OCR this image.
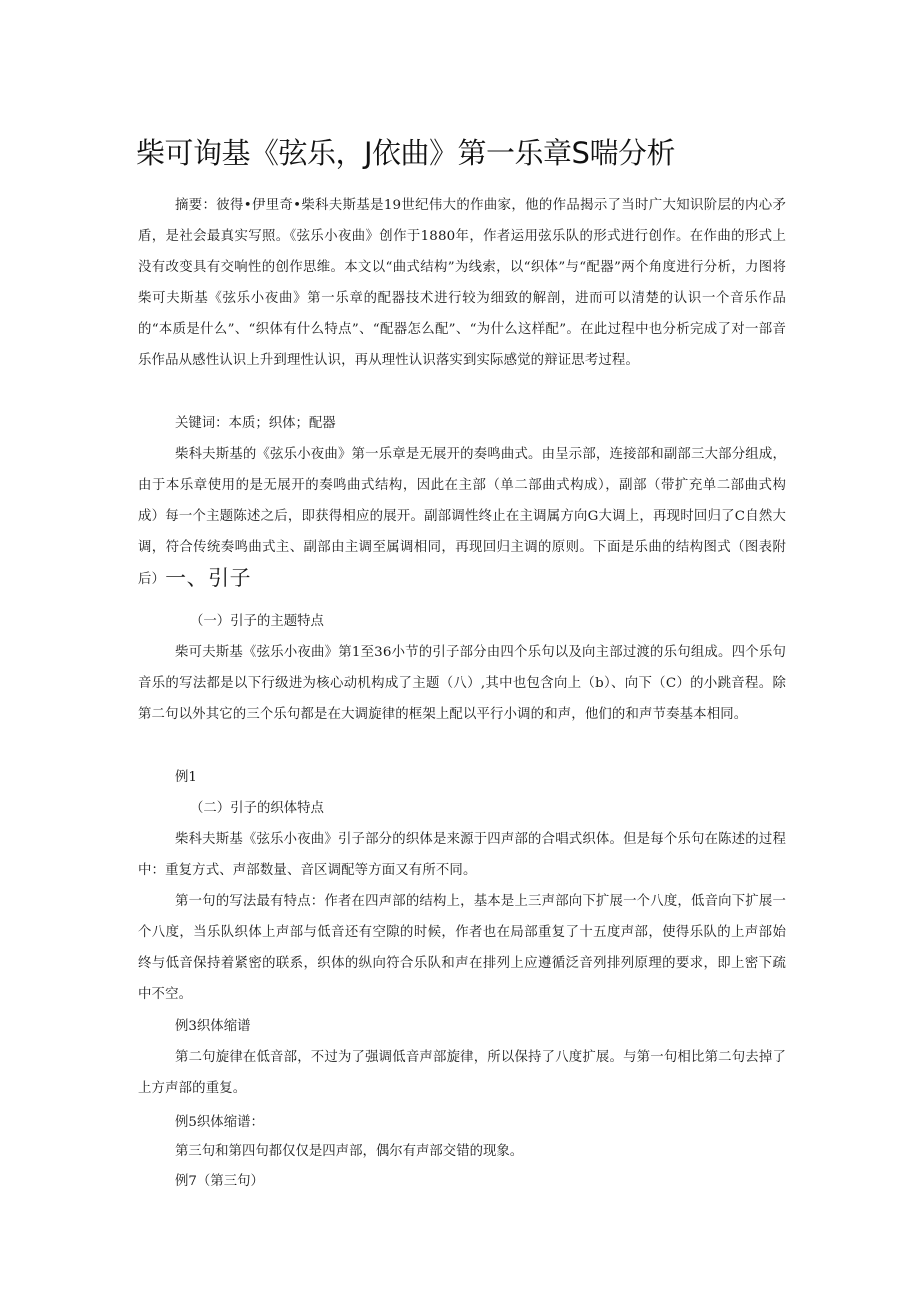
柴可询基《弦乐，J依曲》第一乐章S喘分析

摘要：彼得•伊里奇•柴科夫斯基是19世纪伟大的作曲家，他的作品揭示了当时广大知识阶层的内心矛盾，是社会最真实写照。《弦乐小夜曲》创作于1880年，作者运用弦乐队的形式进行创作。在作曲的形式上没有改变具有交响性的创作思维。本文以“曲式结构”为线索，以“织体”与“配器”两个角度进行分析，力图将柴可夫斯基《弦乐小夜曲》第一乐章的配器技术进行较为细致的解剖，进而可以清楚的认识一个音乐作品的“本质是什么”、“织体有什么特点”、“配器怎么配”、“为什么这样配”。在此过程中也分析完成了对一部音乐作品从感性认识上升到理性认识，再从理性认识落实到实际感觉的辩证思考过程。

关键词：本质；织体；配器

柴科夫斯基的《弦乐小夜曲》第一乐章是无展开的奏鸣曲式。由呈示部，连接部和副部三大部分组成，由于本乐章使用的是无展开的奏鸣曲式结构，因此在主部（单二部曲式构成），副部（带扩充单二部曲式构成）每一个主题陈述之后，即获得相应的展开。副部调性终止在主调属方向G大调上，再现时回归了C自然大调，符合传统奏鸣曲式主、副部由主调至属调相同，再现回归主调的原则。下面是乐曲的结构图式（图表附后）一、引子

（一）引子的主题特点

柴可夫斯基《弦乐小夜曲》第1至36小节的引子部分由四个乐句以及向主部过渡的乐句组成。四个乐句音乐的写法都是以下行级进为核心动机构成了主题（八）,其中也包含向上（b）、向下（C）的小跳音程。除第二句以外其它的三个乐句都是在大调旋律的框架上配以平行小调的和声，他们的和声节奏基本相同。

例1

（二）引子的织体特点

柴科夫斯基《弦乐小夜曲》引子部分的织体是来源于四声部的合唱式织体。但是每个乐句在陈述的过程中：重复方式、声部数量、音区调配等方面又有所不同。

第一句的写法最有特点：作者在四声部的结构上，基本是上三声部向下扩展一个八度，低音向下扩展一个八度，当乐队织体上声部与低音还有空隙的时候，作者也在局部重复了十五度声部，使得乐队的上声部始终与低音保持着紧密的联系，织体的纵向符合乐队和声在排列上应遵循泛音列排列原理的要求，即上密下疏中不空。

例3织体缩谱

第二句旋律在低音部，不过为了强调低音声部旋律，所以保持了八度扩展。与第一句相比第二句去掉了上方声部的重复。

例5织体缩谱：

第三句和第四句都仅仅是四声部，偶尔有声部交错的现象。

例7（第三句）
